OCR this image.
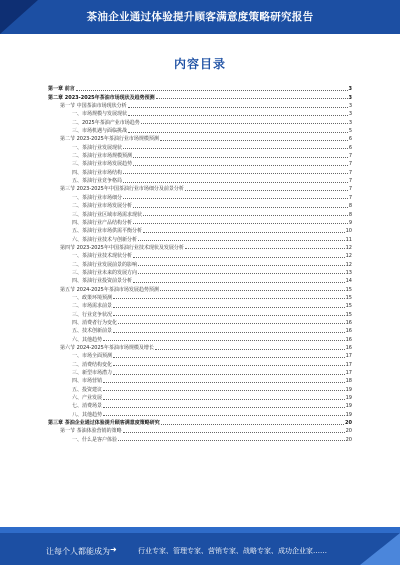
茶油企业通过体验提升顾客满意度策略研究报告
内容目录
第一章 前言	3
第二章 2023-2025年茶油市场现状及趋势预测	3
第一节 中国茶油市场现状分析	3
一、市场规模与发展现状	3
二、2025年茶油产业市场趋势	3
三、市场机遇与面临挑战	5
第二节 2023-2025年茶油行业市场规模预测	6
一、茶油行业发展现状	6
二、茶油行业市场规模预测	7
三、茶油行业市场发展趋势	7
四、茶油行业市场结构	7
五、茶油行业竞争格局	7
第三节 2023-2025年中国茶油行业市场细分及前景分析	7
一、茶油行业市场细分	7
二、茶油行业市场发展分析	8
三、茶油行业区域市场需求现状	8
四、茶油行业产品结构分析	9
五、茶油行业市场供需平衡分析	10
六、茶油行业技术与创新分析	11
第四节 2023-2025年中国茶油行业技术现状及发展分析	12
一、茶油行业技术现状分析	12
二、茶油行业发展前景的影响	12
三、茶油行业未来的发展方向	13
四、茶油行业投资前景分析	14
第五节 2024-2025年茶油市场发展趋势预测	15
一、政策环境预测	15
二、市场需求前景	15
三、行业竞争状况	15
四、消费者行为变化	16
五、技术创新前景	16
六、其他趋势	16
第六节 2024-2025年茶油市场规模及增长	16
一、市场全面预测	17
二、消费结构变化	17
三、新型市场潜力	17
四、市场营销	18
五、投资建议	19
六、产业发展	19
七、消费场景	19
八、其他趋势	19
第三章 茶油企业通过体验提升顾客满意度策略研究	20
第一节 茶油体验营销的策略	20
一、什么是客户体验	20
让每个人都能成为 ➜	行业专家、管理专家、营销专家、战略专家、成功企业家……
